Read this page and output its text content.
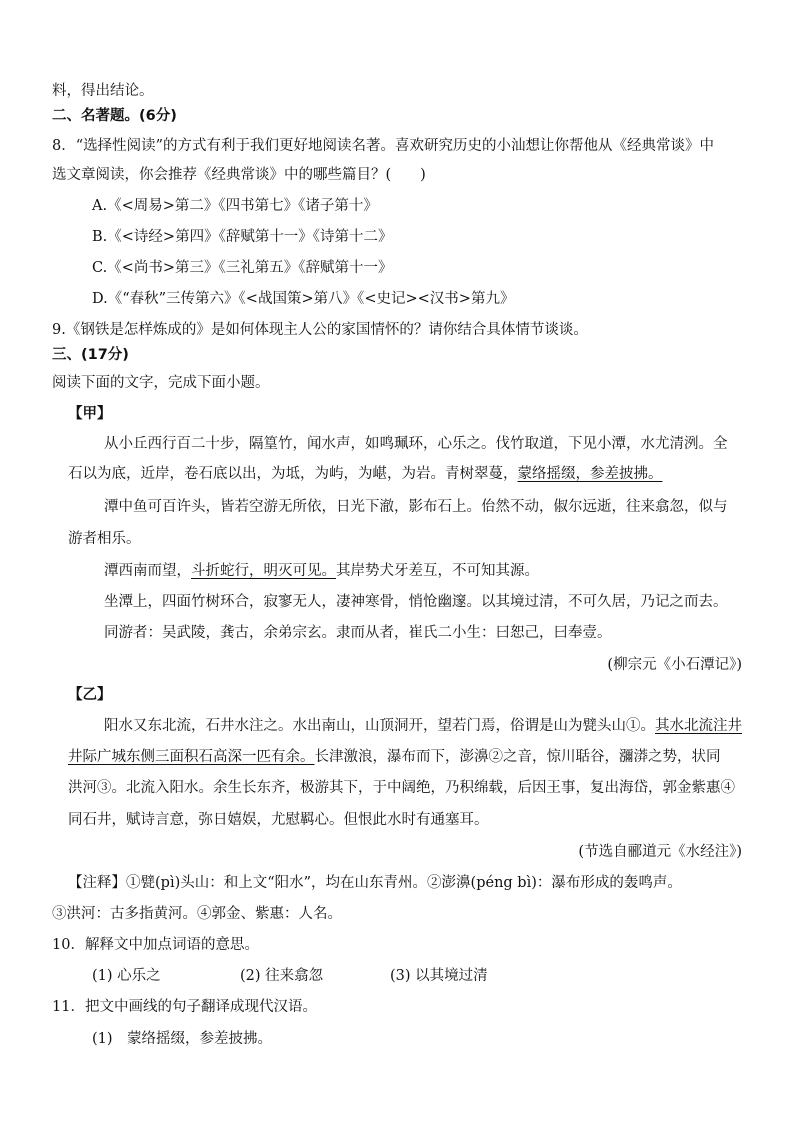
料，得出结论。
二、名著题。(6分)
8．“选择性阅读”的方式有利于我们更好地阅读名著。喜欢研究历史的小汕想让你帮他从《经典常谈》中
选文章阅读，你会推荐《经典常谈》中的哪些篇目？(　　)
A.《<周易>第二》《四书第七》《诸子第十》
B.《<诗经>第四》《辞赋第十一》《诗第十二》
C.《<尚书>第三》《三礼第五》《辞赋第十一》
D.《“春秋”三传第六》《<战国策>第八》《<史记><汉书>第九》
9.《钢铁是怎样炼成的》是如何体现主人公的家国情怀的？请你结合具体情节谈谈。
三、(17分)
阅读下面的文字，完成下面小题。
【甲】
从小丘西行百二十步，隔篁竹，闻水声，如鸣珮环，心乐之。伐竹取道，下见小潭，水尤清洌。全
石以为底，近岸，卷石底以出，为坻，为屿，为嵁，为岩。青树翠蔓，蒙络摇缀，参差披拂。
潭中鱼可百许头，皆若空游无所依，日光下澈，影布石上。佁然不动，俶尔远逝，往来翕忽，似与
游者相乐。
潭西南而望，斗折蛇行，明灭可见。其岸势犬牙差互，不可知其源。
坐潭上，四面竹树环合，寂寥无人，凄神寒骨，悄怆幽邃。以其境过清，不可久居，乃记之而去。
同游者：吴武陵，龚古，余弟宗玄。隶而从者，崔氏二小生：曰恕己，曰奉壹。
(柳宗元《小石潭记》)
【乙】
阳水又东北流，石井水注之。水出南山，山顶洞开，望若门焉，俗谓是山为甓头山①。其水北流注井
井际广城东侧三面积石高深一匹有余。长津激浪，瀑布而下，澎濞②之音，惊川聒谷，瀰漭之势，状同
洪河③。北流入阳水。余生长东齐，极游其下，于中阔绝，乃积绵载，后因王事，复出海岱，郭金紫惠④
同石井，赋诗言意，弥日嬉娱，尤慰羁心。但恨此水时有通塞耳。
(节选自郦道元《水经注》)
【注释】①甓(pì)头山：和上文“阳水”，均在山东青州。②澎濞(péng bì)：瀑布形成的轰鸣声。
③洪河：古多指黄河。④郭金、紫惠：人名。
10．解释文中加点词语的意思。
(1) 心乐之	(2) 往来翕忽	(3) 以其境过清
11．把文中画线的句子翻译成现代汉语。
(1)　蒙络摇缀，参差披拂。
